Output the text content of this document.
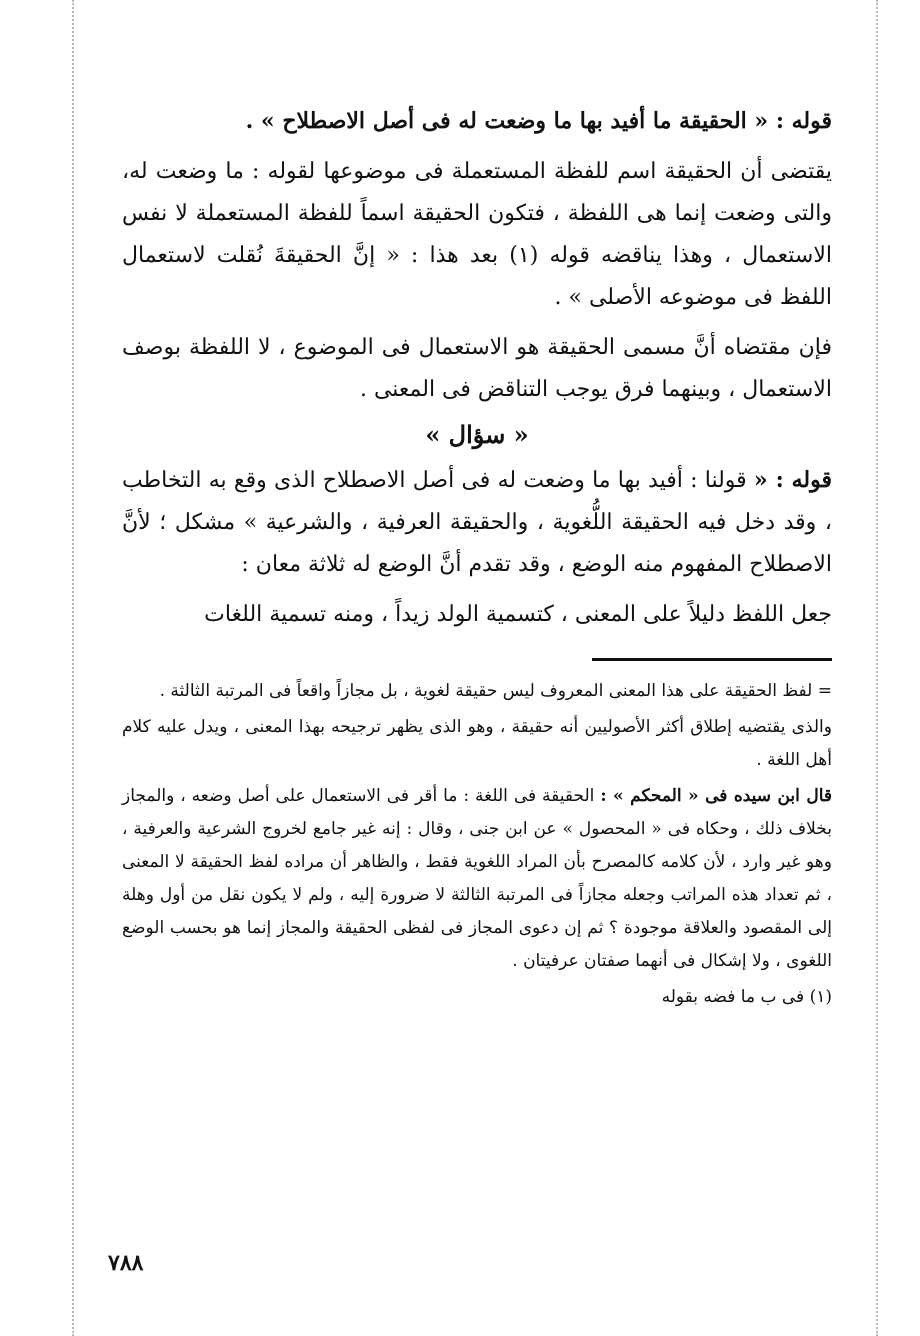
قوله : « الحقيقة ما أفيد بها ما وضعت له فى أصل الاصطلاح » .

يقتضى أن الحقيقة اسم للفظة المستعملة فى موضوعها لقوله : ما وضعت له، والتى وضعت إنما هى اللفظة ، فتكون الحقيقة اسماً للفظة المستعملة لا نفس الاستعمال ، وهذا يناقضه قوله (١) بعد هذا : « إنَّ الحقيقةَ نُقلت لاستعمال اللفظ فى موضوعه الأصلى » .

فإن مقتضاه أنَّ مسمى الحقيقة هو الاستعمال فى الموضوع ، لا اللفظة بوصف الاستعمال ، وبينهما فرق يوجب التناقض فى المعنى .

« سؤال »

قوله : « قولنا : أفيد بها ما وضعت له فى أصل الاصطلاح الذى وقع به التخاطب ، وقد دخل فيه الحقيقة اللُّغوية ، والحقيقة العرفية ، والشرعية » مشكل ؛ لأنَّ الاصطلاح المفهوم منه الوضع ، وقد تقدم أنَّ الوضع له ثلاثة معان :

جعل اللفظ دليلاً على المعنى ، كتسمية الولد زيداً ، ومنه تسمية اللغات

= لفظ الحقيقة على هذا المعنى المعروف ليس حقيقة لغوية ، بل مجازاً واقعاً فى المرتبة الثالثة .

والذى يقتضيه إطلاق أكثر الأصوليين أنه حقيقة ، وهو الذى يظهر ترجيحه بهذا المعنى ، ويدل عليه كلام أهل اللغة .

قال ابن سيده فى « المحكم » : الحقيقة فى اللغة : ما أقر فى الاستعمال على أصل وضعه ، والمجاز بخلاف ذلك ، وحكاه فى « المحصول » عن ابن جنى ، وقال : إنه غير جامع لخروج الشرعية والعرفية ، وهو غير وارد ، لأن كلامه كالمصرح بأن المراد اللغوية فقط ، والظاهر أن مراده لفظ الحقيقة لا المعنى ، ثم تعداد هذه المراتب وجعله مجازاً فى المرتبة الثالثة لا ضرورة إليه ، ولم لا يكون نقل من أول وهلة إلى المقصود والعلاقة موجودة ؟ ثم إن دعوى المجاز فى لفظى الحقيقة والمجاز إنما هو بحسب الوضع اللغوى ، ولا إشكال فى أنهما صفتان عرفيتان .

(١) فى ب ما فضه بقوله

٧٨٨
